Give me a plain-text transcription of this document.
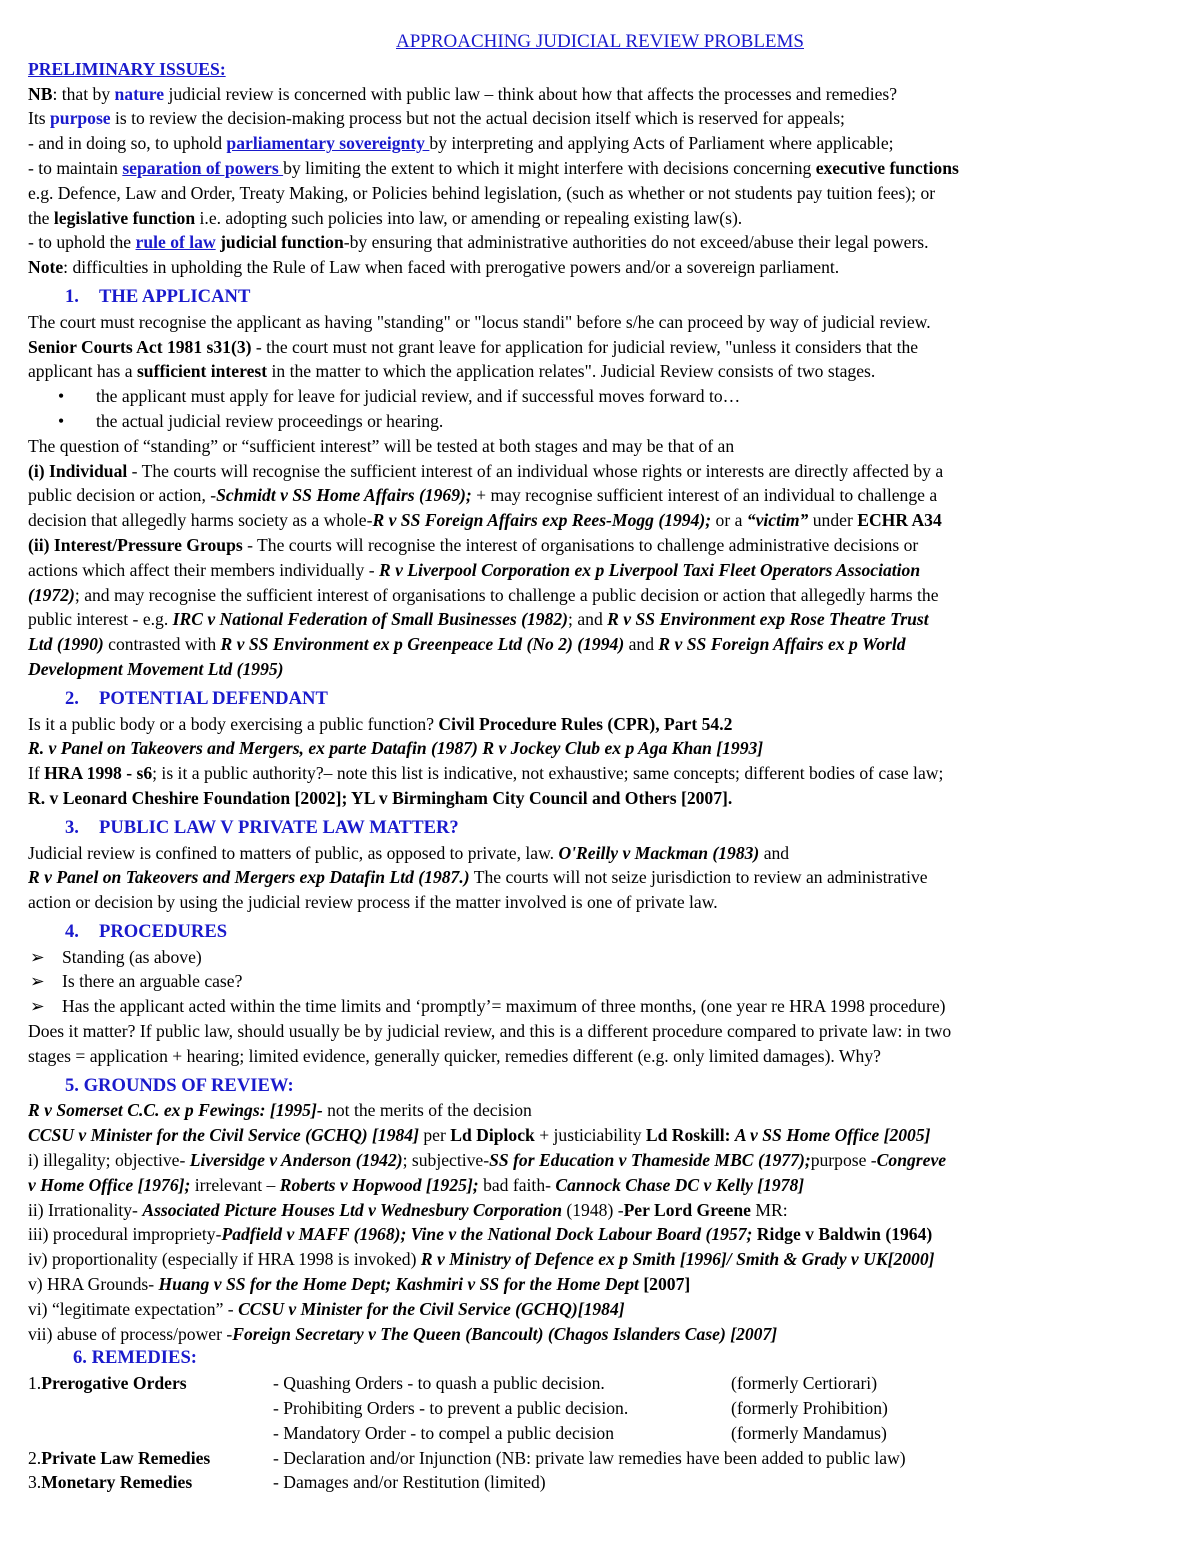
APPROACHING JUDICIAL REVIEW PROBLEMS
PRELIMINARY ISSUES:
NB: that by nature judicial review is concerned with public law – think about how that affects the processes and remedies?
Its purpose is to review the decision-making process but not the actual decision itself which is reserved for appeals;
- and in doing so, to uphold parliamentary sovereignty by interpreting and applying Acts of Parliament where applicable;
- to maintain separation of powers by limiting the extent to which it might interfere with decisions concerning executive functions
e.g. Defence, Law and Order, Treaty Making, or Policies behind legislation, (such as whether or not students pay tuition fees); or
the legislative function i.e. adopting such policies into law, or amending or repealing existing law(s).
- to uphold the rule of law judicial function-by ensuring that administrative authorities do not exceed/abuse their legal powers.
Note: difficulties in upholding the Rule of Law when faced with prerogative powers and/or a sovereign parliament.
1. THE APPLICANT
The court must recognise the applicant as having "standing" or "locus standi" before s/he can proceed by way of judicial review.
Senior Courts Act 1981 s31(3) - the court must not grant leave for application for judicial review, "unless it considers that the
applicant has a sufficient interest in the matter to which the application relates". Judicial Review consists of two stages.
• the applicant must apply for leave for judicial review, and if successful moves forward to…
• the actual judicial review proceedings or hearing.
The question of “standing” or “sufficient interest” will be tested at both stages and may be that of an
(i) Individual - The courts will recognise the sufficient interest of an individual whose rights or interests are directly affected by a
public decision or action, -Schmidt v SS Home Affairs (1969); + may recognise sufficient interest of an individual to challenge a
decision that allegedly harms society as a whole-R v SS Foreign Affairs exp Rees-Mogg (1994); or a “victim” under ECHR A34
(ii) Interest/Pressure Groups - The courts will recognise the interest of organisations to challenge administrative decisions or
actions which affect their members individually - R v Liverpool Corporation ex p Liverpool Taxi Fleet Operators Association
(1972); and may recognise the sufficient interest of organisations to challenge a public decision or action that allegedly harms the
public interest - e.g. IRC v National Federation of Small Businesses (1982); and R v SS Environment exp Rose Theatre Trust
Ltd (1990) contrasted with R v SS Environment ex p Greenpeace Ltd (No 2) (1994) and R v SS Foreign Affairs ex p World
Development Movement Ltd (1995)
2. POTENTIAL DEFENDANT
Is it a public body or a body exercising a public function? Civil Procedure Rules (CPR), Part 54.2
R. v Panel on Takeovers and Mergers, ex parte Datafin (1987) R v Jockey Club ex p Aga Khan [1993]
If HRA 1998 - s6; is it a public authority?– note this list is indicative, not exhaustive; same concepts; different bodies of case law;
R. v Leonard Cheshire Foundation [2002]; YL v Birmingham City Council and Others [2007].
3. PUBLIC LAW V PRIVATE LAW MATTER?
Judicial review is confined to matters of public, as opposed to private, law. O'Reilly v Mackman (1983) and
R v Panel on Takeovers and Mergers exp Datafin Ltd (1987.) The courts will not seize jurisdiction to review an administrative
action or decision by using the judicial review process if the matter involved is one of private law.
4. PROCEDURES
➢ Standing (as above)
➢ Is there an arguable case?
➢ Has the applicant acted within the time limits and ‘promptly’= maximum of three months, (one year re HRA 1998 procedure)
Does it matter? If public law, should usually be by judicial review, and this is a different procedure compared to private law: in two
stages = application + hearing; limited evidence, generally quicker, remedies different (e.g. only limited damages). Why?
5. GROUNDS OF REVIEW:
R v Somerset C.C. ex p Fewings: [1995]- not the merits of the decision
CCSU v Minister for the Civil Service (GCHQ) [1984] per Ld Diplock + justiciability Ld Roskill: A v SS Home Office [2005]
i) illegality; objective- Liversidge v Anderson (1942); subjective-SS for Education v Thameside MBC (1977);purpose -Congreve
v Home Office [1976]; irrelevant – Roberts v Hopwood [1925]; bad faith- Cannock Chase DC v Kelly [1978]
ii) Irrationality- Associated Picture Houses Ltd v Wednesbury Corporation (1948) -Per Lord Greene MR:
iii) procedural impropriety-Padfield v MAFF (1968); Vine v the National Dock Labour Board (1957; Ridge v Baldwin (1964)
iv) proportionality (especially if HRA 1998 is invoked) R v Ministry of Defence ex p Smith [1996]/ Smith & Grady v UK[2000]
v) HRA Grounds- Huang v SS for the Home Dept; Kashmiri v SS for the Home Dept [2007]
vi) “legitimate expectation” - CCSU v Minister for the Civil Service (GCHQ)[1984]
vii) abuse of process/power -Foreign Secretary v The Queen (Bancoult) (Chagos Islanders Case) [2007]
6. REMEDIES:
1.Prerogative Orders	- Quashing Orders - to quash a public decision.	(formerly Certiorari)
- Prohibiting Orders - to prevent a public decision.	(formerly Prohibition)
- Mandatory Order - to compel a public decision	(formerly Mandamus)
2.Private Law Remedies	- Declaration and/or Injunction (NB: private law remedies have been added to public law)
3.Monetary Remedies	- Damages and/or Restitution (limited)
